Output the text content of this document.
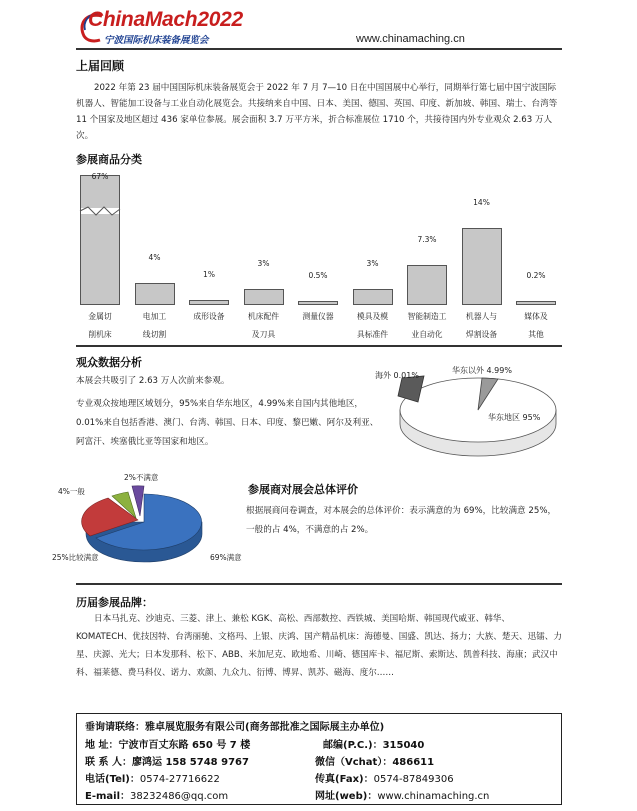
ChinaMach2022
宁波国际机床装备展览会	www.chinamaching.cn
上届回顾
2022 年第 23 届中国国际机床装备展览会于 2022 年 7 月 7—10 日在中国国展中心举行，同期举行第七届中国宁波国际机器人、智能加工设备与工业自动化展览会。共接纳来自中国、日本、美国、德国、英国、印度、新加坡、韩国、瑞士、台湾等 11 个国家及地区超过 436 家单位参展。展会面积 3.7 万平方米，折合标准展位 1710 个，共接待国内外专业观众 2.63 万人次。
参展商品分类
67%
金属切
削机床
4%
电加工
线切割
1%
成形设备
3%
机床配件
及刀具
0.5%
测量仪器
3%
模具及模
具标准件
7.3%
智能制造工
业自动化
14%
机器人与
焊割设备
0.2%
媒体及
其他
观众数据分析
本展会共吸引了 2.63 万人次前来参观。
专业观众按地理区域划分，95%来自华东地区，4.99%来自国内其他地区，0.01%来自包括香港、澳门、台湾、韩国、日本、印度、黎巴嫩、阿尔及利亚、阿富汗、埃塞俄比亚等国家和地区。
海外 0.01%
华东以外 4.99%
华东地区 95%
2%不满意
4%一般
25%比较满意	69%满意
参展商对展会总体评价
根据展商问卷调查，对本展会的总体评价：表示满意的为 69%，比较满意 25%，一般的占 4%，不满意的占 2%。
历届参展品牌：
日本马扎克、沙迪克、三菱、津上、兼松 KGK、高松、西部数控、西铁城、美国哈斯、韩国现代威亚、韩华、KOMATECH、优技因特、台湾丽驰、文格玛、上银、庆鸿、国产精品机床：海德曼、国盛、凯达、扬力；大族、楚天、迅镭、力星、庆源、光大；日本发那科、松下、ABB、米加尼克、欧地希、川崎、德国库卡、福尼斯、索斯达、凯普科技、海康；武汉中科、福莱德、费马科仪、诺力、欢颜、九众九、衍博、博昇、凯苏、磁海、度尔……
垂询请联络：雅卓展览服务有限公司(商务部批准之国际展主办单位)
地 址：宁波市百丈东路 650 号 7 楼	邮编(P.C.)：315040
联 系 人：廖鸿运 158 5748 9767	微信（Vchat）：486611
电话(Tel)：0574-27716622	传真(Fax)：0574-87849306
E-mail：38232486@qq.com	网址(web)：www.chinamaching.cn
